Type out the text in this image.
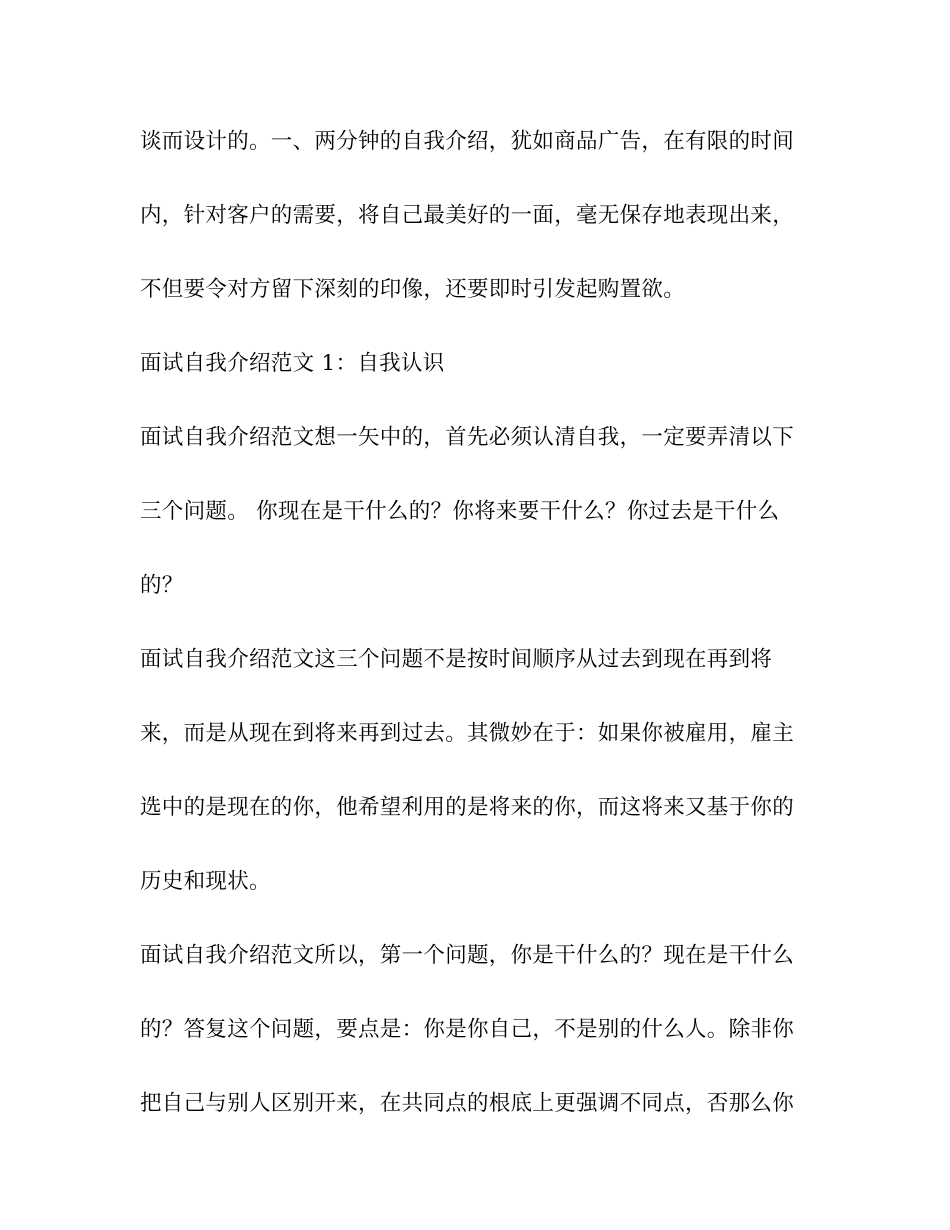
谈而设计的。一、两分钟的自我介绍，犹如商品广告，在有限的时间
内，针对客户的需要，将自己最美好的一面，毫无保存地表现出来，
不但要令对方留下深刻的印像，还要即时引发起购置欲。
面试自我介绍范文 1：自我认识
面试自我介绍范文想一矢中的，首先必须认清自我，一定要弄清以下
三个问题。 你现在是干什么的？你将来要干什么？你过去是干什么
的？
面试自我介绍范文这三个问题不是按时间顺序从过去到现在再到将
来，而是从现在到将来再到过去。其微妙在于：如果你被雇用，雇主
选中的是现在的你，他希望利用的是将来的你，而这将来又基于你的
历史和现状。
面试自我介绍范文所以，第一个问题，你是干什么的？现在是干什么
的？答复这个问题，要点是：你是你自己，不是别的什么人。除非你
把自己与别人区别开来，在共同点的根底上更强调不同点，否那么你
